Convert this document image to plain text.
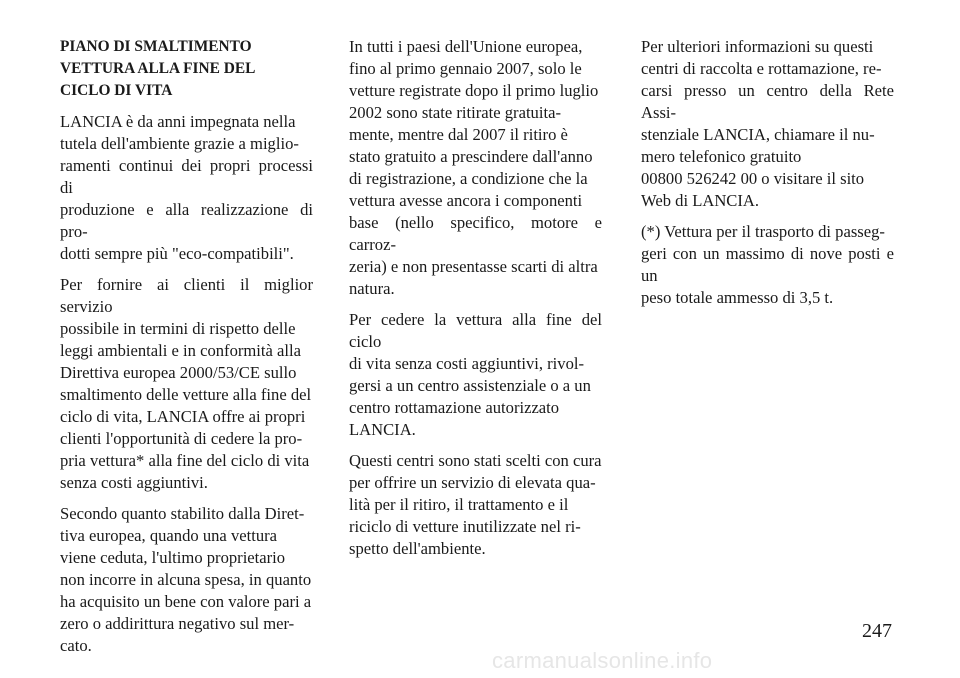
PIANO DI SMALTIMENTO
VETTURA ALLA FINE DEL
CICLO DI VITA

LANCIA è da anni impegnata nella
tutela dell'ambiente grazie a miglio-
ramenti continui dei propri processi di
produzione e alla realizzazione di pro-
dotti sempre più "eco-compatibili".

Per fornire ai clienti il miglior servizio
possibile in termini di rispetto delle
leggi ambientali e in conformità alla
Direttiva europea 2000/53/CE sullo
smaltimento delle vetture alla fine del
ciclo di vita, LANCIA offre ai propri
clienti l'opportunità di cedere la pro-
pria vettura* alla fine del ciclo di vita
senza costi aggiuntivi.

Secondo quanto stabilito dalla Diret-
tiva europea, quando una vettura
viene ceduta, l'ultimo proprietario
non incorre in alcuna spesa, in quanto
ha acquisito un bene con valore pari a
zero o addirittura negativo sul mer-
cato.

In tutti i paesi dell'Unione europea,
fino al primo gennaio 2007, solo le
vetture registrate dopo il primo luglio
2002 sono state ritirate gratuita-
mente, mentre dal 2007 il ritiro è
stato gratuito a prescindere dall'anno
di registrazione, a condizione che la
vettura avesse ancora i componenti
base (nello specifico, motore e carroz-
zeria) e non presentasse scarti di altra
natura.

Per cedere la vettura alla fine del ciclo
di vita senza costi aggiuntivi, rivol-
gersi a un centro assistenziale o a un
centro rottamazione autorizzato
LANCIA.

Questi centri sono stati scelti con cura
per offrire un servizio di elevata qua-
lità per il ritiro, il trattamento e il
riciclo di vetture inutilizzate nel ri-
spetto dell'ambiente.

Per ulteriori informazioni su questi
centri di raccolta e rottamazione, re-
carsi presso un centro della Rete Assi-
stenziale LANCIA, chiamare il nu-
mero telefonico gratuito
00800 526242 00 o visitare il sito
Web di LANCIA.

(*) Vettura per il trasporto di passeg-
geri con un massimo di nove posti e un
peso totale ammesso di 3,5 t.

247
carmanualsonline.info
